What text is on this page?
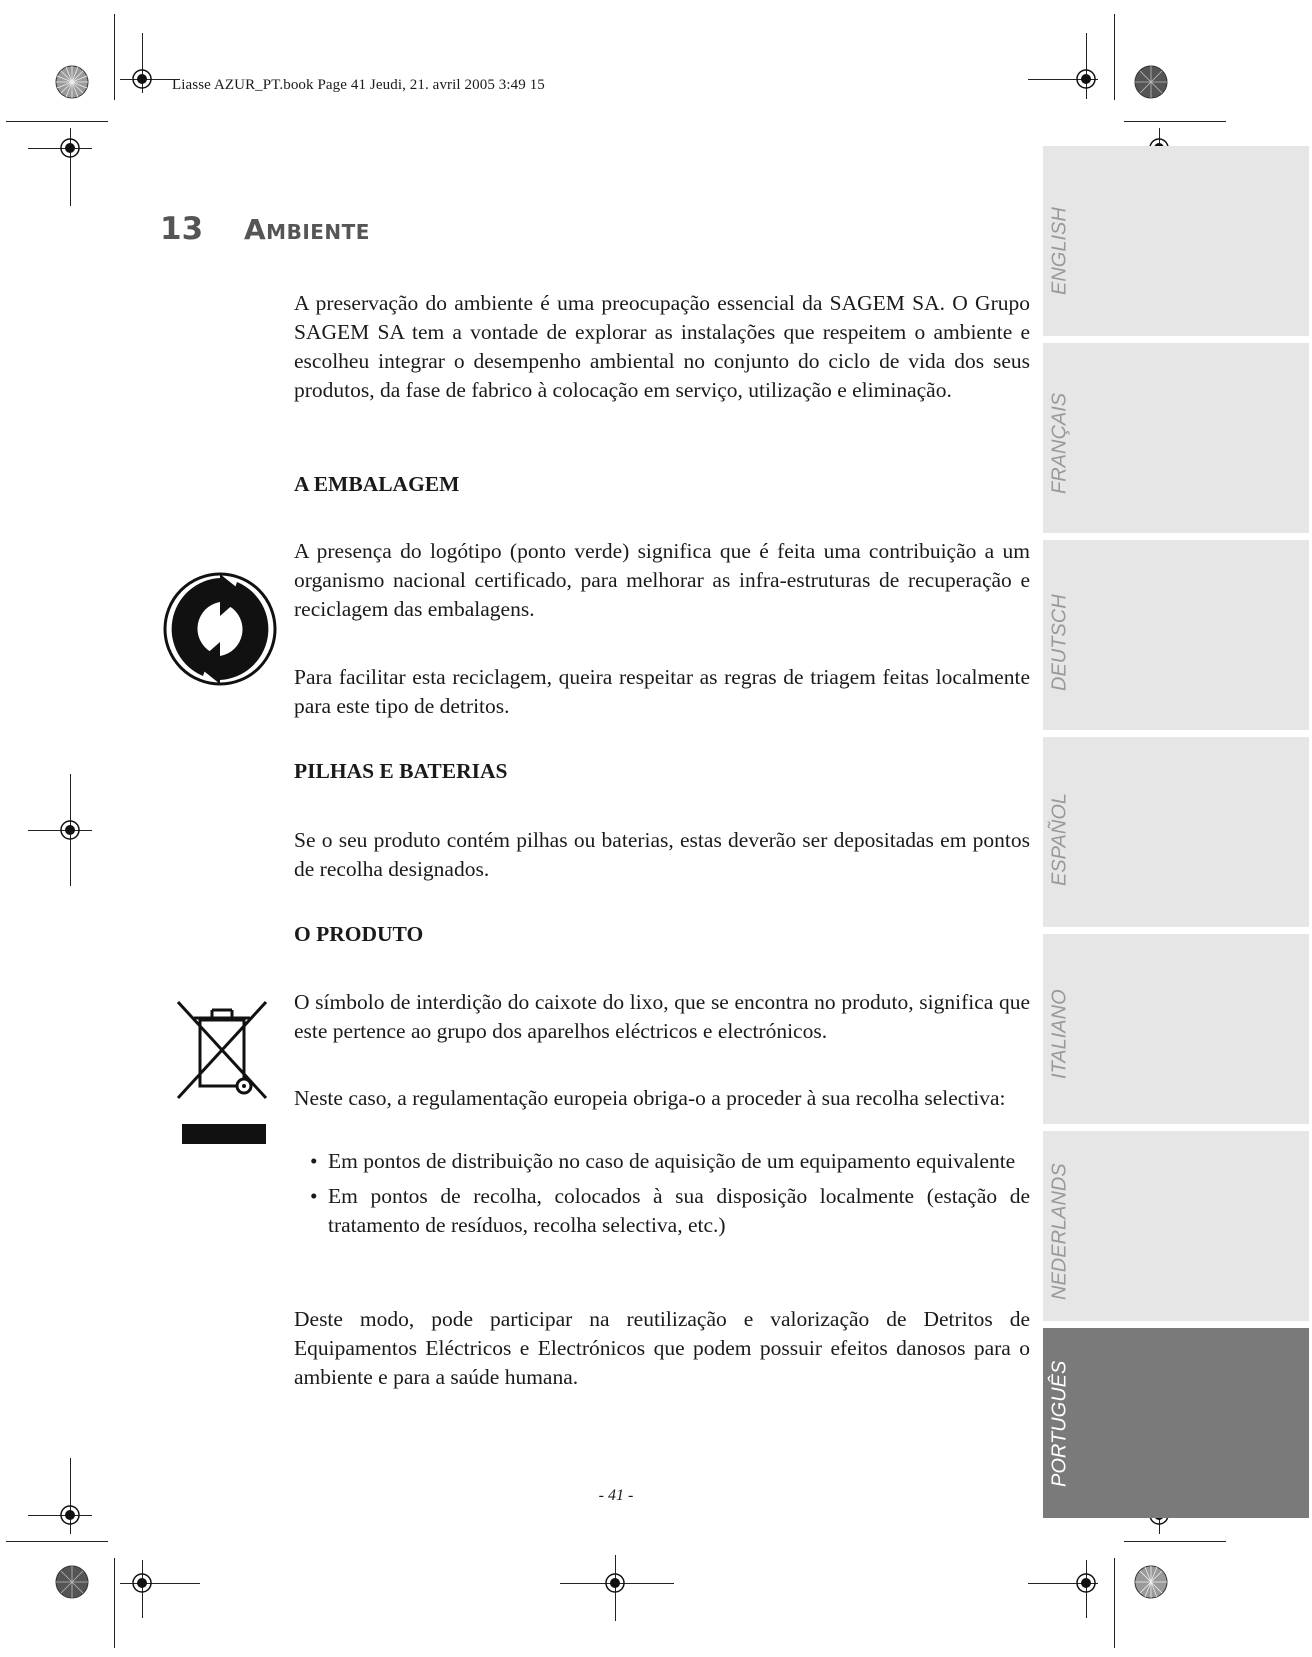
Liasse AZUR_PT.book Page 41 Jeudi, 21. avril 2005 3:49 15
ENGLISH
FRANÇAIS
DEUTSCH
ESPAÑOL
ITALIANO
NEDERLANDS
PORTUGUÊS
13 Ambiente
A preservação do ambiente é uma preocupação essencial da SAGEM SA. O Grupo SAGEM SA tem a vontade de explorar as instalações que respeitem o ambiente e escolheu integrar o desempenho ambiental no conjunto do ciclo de vida dos seus produtos, da fase de fabrico à colocação em serviço, utilização e eliminação.
A EMBALAGEM
A presença do logótipo (ponto verde) significa que é feita uma contribuição a um organismo nacional certificado, para melhorar as infra-estruturas de recuperação e reciclagem das embalagens.
Para facilitar esta reciclagem, queira respeitar as regras de triagem feitas localmente para este tipo de detritos.
PILHAS E BATERIAS
Se o seu produto contém pilhas ou baterias, estas deverão ser depositadas em pontos de recolha designados.
O PRODUTO
O símbolo de interdição do caixote do lixo, que se encontra no produto, significa que este pertence ao grupo dos aparelhos eléctricos e electrónicos.
Neste caso, a regulamentação europeia obriga-o a proceder à sua recolha selectiva:
• Em pontos de distribuição no caso de aquisição de um equipamento equivalente
• Em pontos de recolha, colocados à sua disposição localmente (estação de tratamento de resíduos, recolha selectiva, etc.)
Deste modo, pode participar na reutilização e valorização de Detritos de Equipamentos Eléctricos e Electrónicos que podem possuir efeitos danosos para o ambiente e para a saúde humana.
- 41 -
